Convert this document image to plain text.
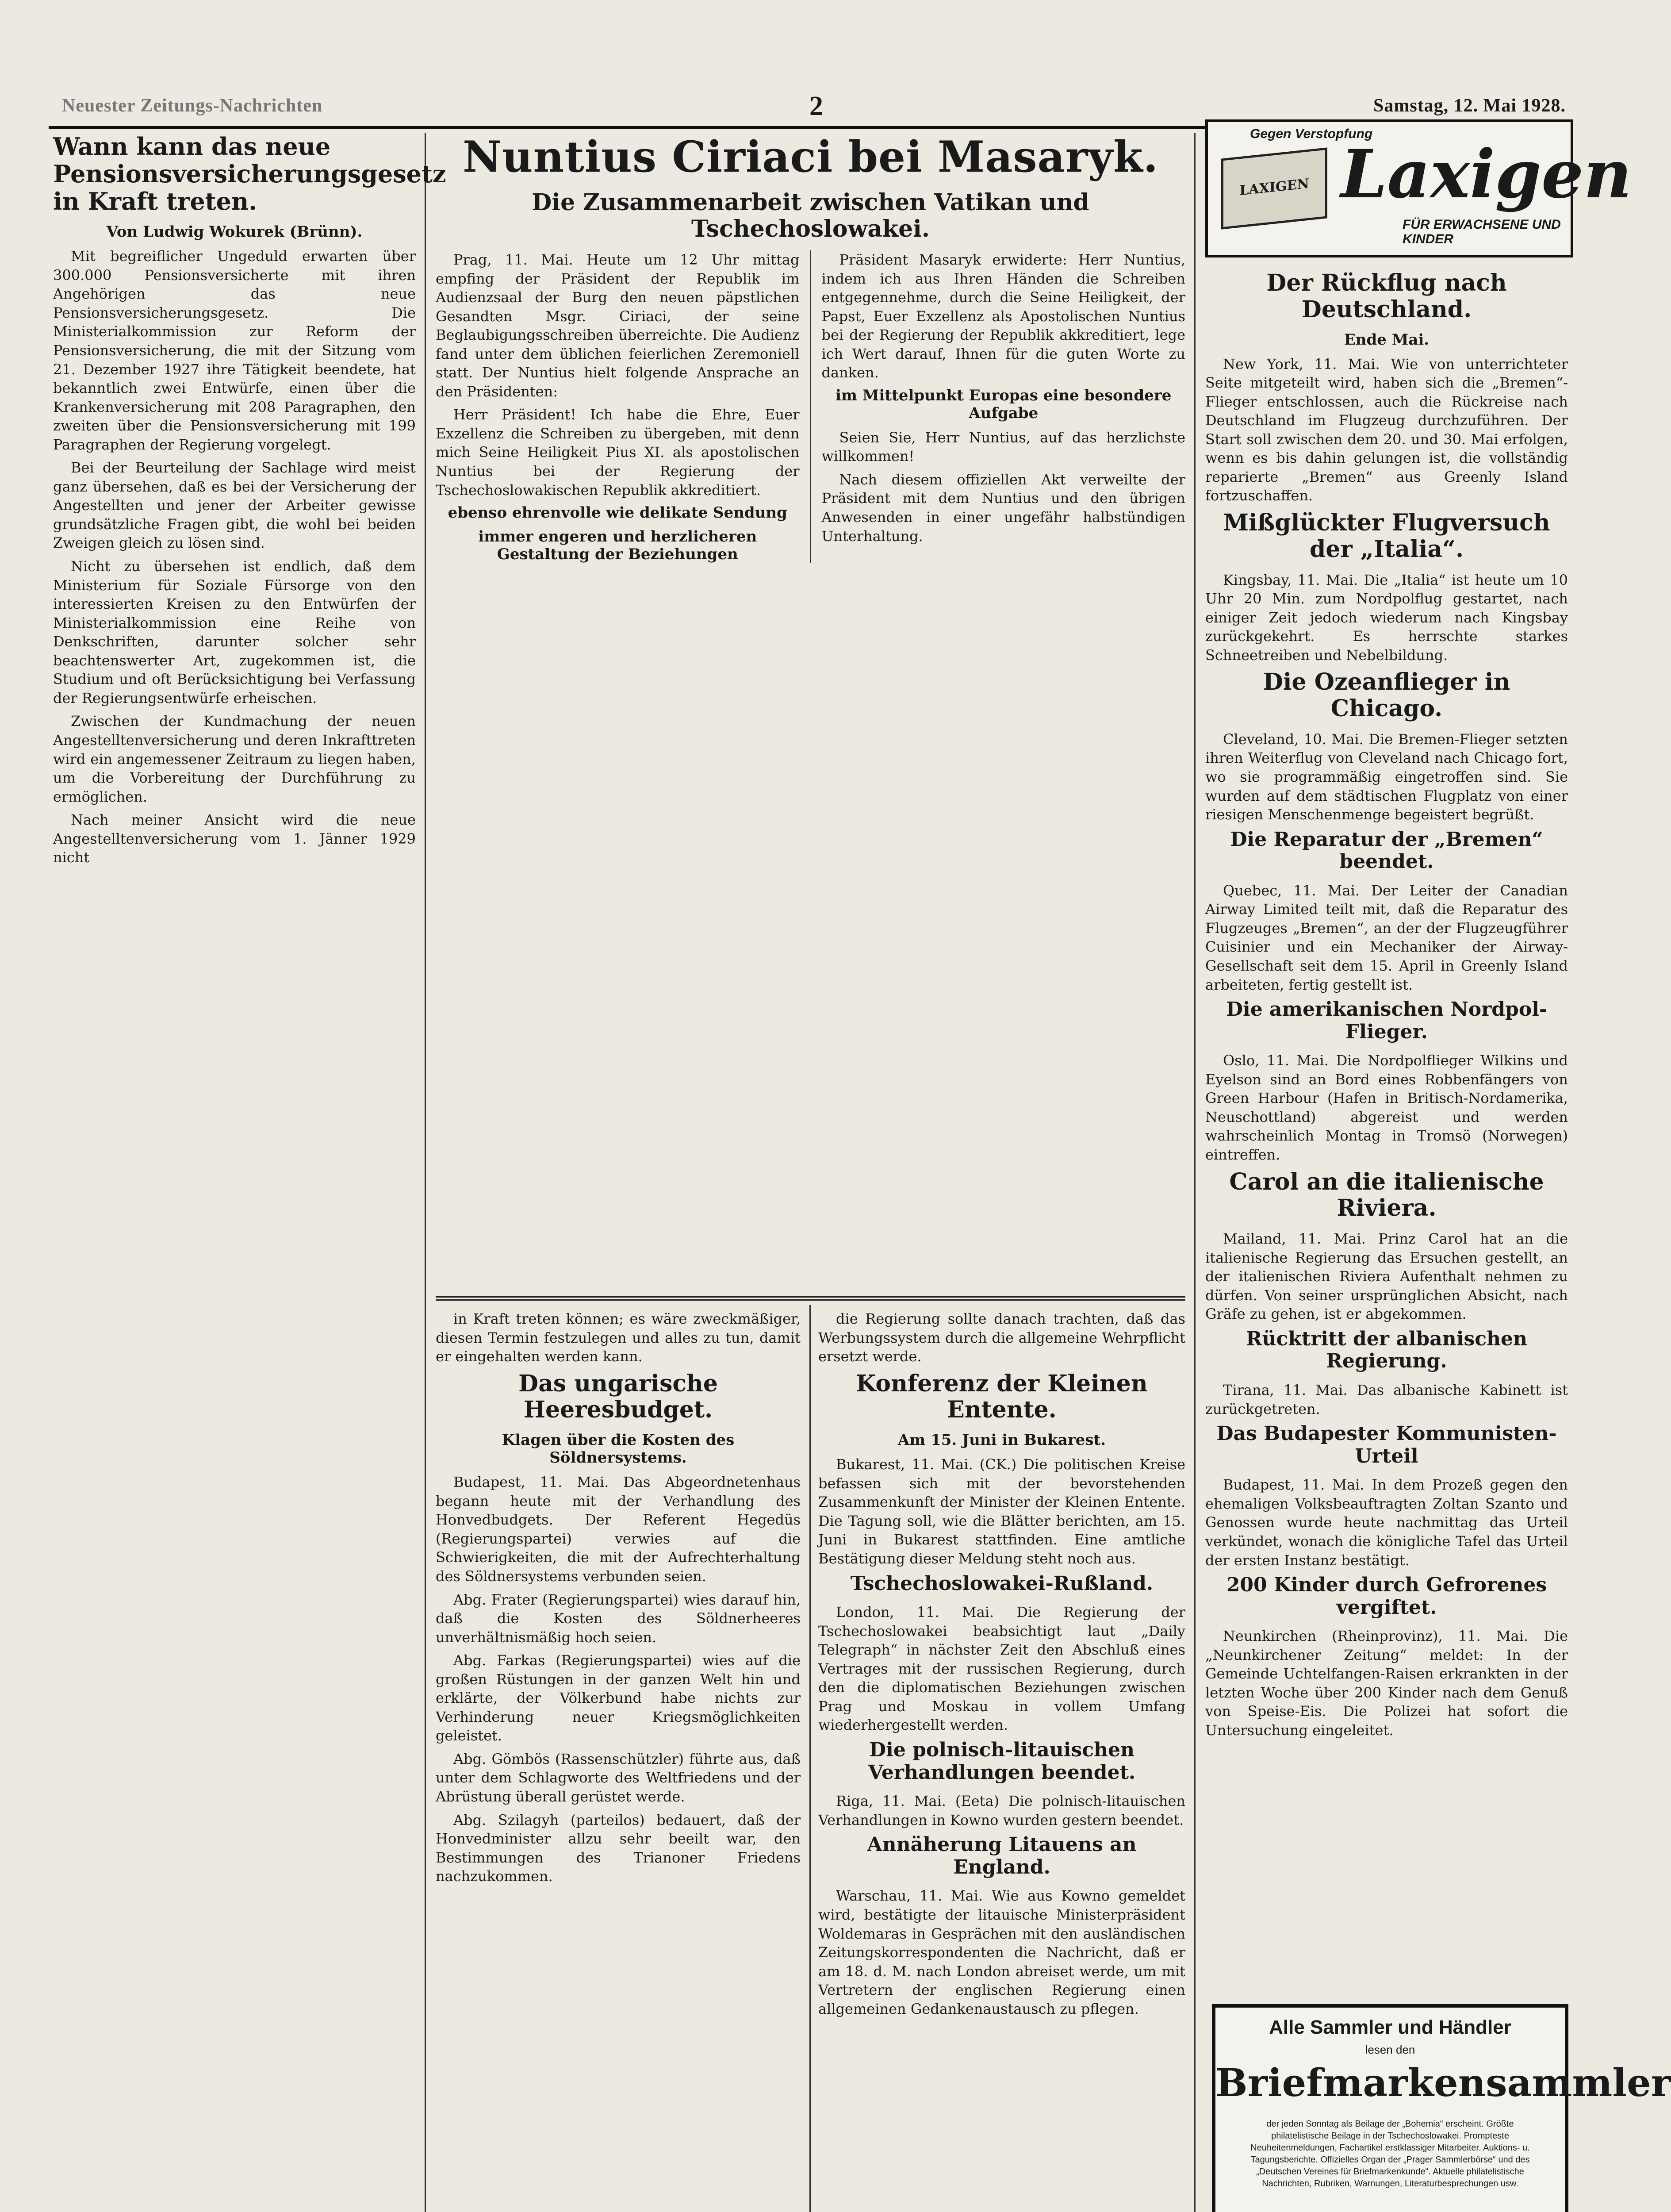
Neuester Zeitungs-Nachrichten	2	Samstag, 12. Mai 1928.
Wann kann das neue Pensionsversicherungsgesetz in Kraft treten.
Von Ludwig Wokurek (Brünn).

Mit begreiflicher Ungeduld erwarten über 300.000 Pensionsversicherte mit ihren Angehörigen das neue Pensionsversicherungsgesetz. Die Ministerialkommission zur Reform der Pensionsversicherung, die mit der Sitzung vom 21. Dezember 1927 ihre Tätigkeit beendete, hat bekanntlich zwei Entwürfe, einen über die Krankenversicherung mit 208 Paragraphen, den zweiten über die Pensionsversicherung mit 199 Paragraphen der Regierung vorgelegt.

Bei der Beurteilung der Sachlage wird meist ganz übersehen, daß es bei der Versicherung der Angestellten und jener der Arbeiter gewisse grundsätzliche Fragen gibt, die wohl bei beiden Zweigen gleich zu lösen sind.

Nicht zu übersehen ist endlich, daß dem Ministerium für Soziale Fürsorge von den interessierten Kreisen zu den Entwürfen der Ministerialkommission eine Reihe von Denkschriften, darunter solcher sehr beachtenswerter Art, zugekommen ist, die Studium und oft Berücksichtigung bei Verfassung der Regierungsentwürfe erheischen.

Zwischen der Kundmachung der neuen Angestelltenversicherung und deren Inkrafttreten wird ein angemessener Zeitraum zu liegen haben, um die Vorbereitung der Durchführung zu ermöglichen.

Nach meiner Ansicht wird die neue Angestelltenversicherung vom 1. Jänner 1929 nicht

Nuntius Ciriaci bei Masaryk.
Die Zusammenarbeit zwischen Vatikan und Tschechoslowakei.

Prag, 11. Mai. Heute um 12 Uhr mittag empfing der Präsident der Republik im Audienzsaal der Burg den neuen päpstlichen Gesandten Msgr. Ciriaci, der seine Beglaubigungsschreiben überreichte. Die Audienz fand unter dem üblichen feierlichen Zeremoniell statt. Der Nuntius hielt folgende Ansprache an den Präsidenten:

Herr Präsident! Ich habe die Ehre, Euer Exzellenz die Schreiben zu übergeben, mit denn mich Seine Heiligkeit Pius XI. als apostolischen Nuntius bei der Regierung der Tschechoslowakischen Republik akkreditiert.

ebenso ehrenvolle wie delikate Sendung
immer engeren und herzlicheren Gestaltung der Beziehungen

Präsident Masaryk erwiderte: Herr Nuntius, indem ich aus Ihren Händen die Schreiben entgegennehme, durch die Seine Heiligkeit, der Papst, Euer Exzellenz als Apostolischen Nuntius bei der Regierung der Republik akkreditiert, lege ich Wert darauf, Ihnen für die guten Worte zu danken.

im Mittelpunkt Europas eine besondere Aufgabe

Seien Sie, Herr Nuntius, auf das herzlichste willkommen!

Nach diesem offiziellen Akt verweilte der Präsident mit dem Nuntius und den übrigen Anwesenden in einer ungefähr halbstündigen Unterhaltung.

in Kraft treten können; es wäre zweckmäßiger, diesen Termin festzulegen und alles zu tun, damit er eingehalten werden kann.

Das ungarische Heeresbudget.
Klagen über die Kosten des Söldnersystems.

Budapest, 11. Mai. Das Abgeordnetenhaus begann heute mit der Verhandlung des Honvedbudgets. Der Referent Hegedüs (Regierungspartei) verwies auf die Schwierigkeiten, die mit der Aufrechterhaltung des Söldnersystems verbunden seien.

Abg. Frater (Regierungspartei) wies darauf hin, daß die Kosten des Söldnerheeres unverhältnismäßig hoch seien.

Abg. Farkas (Regierungspartei) wies auf die großen Rüstungen in der ganzen Welt hin und erklärte, der Völkerbund habe nichts zur Verhinderung neuer Kriegsmöglichkeiten geleistet.

Abg. Gömbös (Rassenschützler) führte aus, daß unter dem Schlagworte des Weltfriedens und der Abrüstung überall gerüstet werde.

Abg. Szilagyh (parteilos) bedauert, daß der Honvedminister allzu sehr beeilt war, den Bestimmungen des Trianoner Friedens nachzukommen.

die Regierung sollte danach trachten, daß das Werbungssystem durch die allgemeine Wehrpflicht ersetzt werde.

Konferenz der Kleinen Entente.
Am 15. Juni in Bukarest.

Bukarest, 11. Mai. (CK.) Die politischen Kreise befassen sich mit der bevorstehenden Zusammenkunft der Minister der Kleinen Entente. Die Tagung soll, wie die Blätter berichten, am 15. Juni in Bukarest stattfinden. Eine amtliche Bestätigung dieser Meldung steht noch aus.

Tschechoslowakei-Rußland.

London, 11. Mai. Die Regierung der Tschechoslowakei beabsichtigt laut „Daily Telegraph“ in nächster Zeit den Abschluß eines Vertrages mit der russischen Regierung, durch den die diplomatischen Beziehungen zwischen Prag und Moskau in vollem Umfang wiederhergestellt werden.

Die polnisch-litauischen Verhandlungen beendet.

Riga, 11. Mai. (Eeta) Die polnisch-litauischen Verhandlungen in Kowno wurden gestern beendet.

Annäherung Litauens an England.

Warschau, 11. Mai. Wie aus Kowno gemeldet wird, bestätigte der litauische Ministerpräsident Woldemaras in Gesprächen mit den ausländischen Zeitungskorrespondenten die Nachricht, daß er am 18. d. M. nach London abreiset werde, um mit Vertretern der englischen Regierung einen allgemeinen Gedankenaustausch zu pflegen.

Gegen Verstopfung
LAXIGEN Laxigen
FÜR ERWACHSENE UND KINDER
Der Rückflug nach Deutschland.
Ende Mai.

New York, 11. Mai. Wie von unterrichteter Seite mitgeteilt wird, haben sich die „Bremen“-Flieger entschlossen, auch die Rückreise nach Deutschland im Flugzeug durchzuführen. Der Start soll zwischen dem 20. und 30. Mai erfolgen, wenn es bis dahin gelungen ist, die vollständig reparierte „Bremen“ aus Greenly Island fortzuschaffen.

Mißglückter Flugversuch der „Italia“.

Kingsbay, 11. Mai. Die „Italia“ ist heute um 10 Uhr 20 Min. zum Nordpolflug gestartet, nach einiger Zeit jedoch wiederum nach Kingsbay zurückgekehrt. Es herrschte starkes Schneetreiben und Nebelbildung.

Die Ozeanflieger in Chicago.

Cleveland, 10. Mai. Die Bremen-Flieger setzten ihren Weiterflug von Cleveland nach Chicago fort, wo sie programmäßig eingetroffen sind. Sie wurden auf dem städtischen Flugplatz von einer riesigen Menschenmenge begeistert begrüßt.

Die Reparatur der „Bremen“ beendet.

Quebec, 11. Mai. Der Leiter der Canadian Airway Limited teilt mit, daß die Reparatur des Flugzeuges „Bremen“, an der der Flugzeugführer Cuisinier und ein Mechaniker der Airway-Gesellschaft seit dem 15. April in Greenly Island arbeiteten, fertig gestellt ist.

Die amerikanischen Nordpol-Flieger.

Oslo, 11. Mai. Die Nordpolflieger Wilkins und Eyelson sind an Bord eines Robbenfängers von Green Harbour (Hafen in Britisch-Nordamerika, Neuschottland) abgereist und werden wahrscheinlich Montag in Tromsö (Norwegen) eintreffen.

Carol an die italienische Riviera.

Mailand, 11. Mai. Prinz Carol hat an die italienische Regierung das Ersuchen gestellt, an der italienischen Riviera Aufenthalt nehmen zu dürfen. Von seiner ursprünglichen Absicht, nach Gräfe zu gehen, ist er abgekommen.

Rücktritt der albanischen Regierung.

Tirana, 11. Mai. Das albanische Kabinett ist zurückgetreten.

Das Budapester Kommunisten-Urteil

Budapest, 11. Mai. In dem Prozeß gegen den ehemaligen Volksbeauftragten Zoltan Szanto und Genossen wurde heute nachmittag das Urteil verkündet, wonach die königliche Tafel das Urteil der ersten Instanz bestätigt.

200 Kinder durch Gefrorenes vergiftet.

Neunkirchen (Rheinprovinz), 11. Mai. Die „Neunkirchener Zeitung“ meldet: In der Gemeinde Uchtelfangen-Raisen erkrankten in der letzten Woche über 200 Kinder nach dem Genuß von Speise-Eis. Die Polizei hat sofort die Untersuchung eingeleitet.

Alle Sammler und Händler
lesen den
Briefmarkensammler
der jeden Sonntag als Beilage der „Bohemia“ erscheint. Größte philatelistische Beilage in der Tschechoslowakei. Prompteste Neuheitenmeldungen, Fachartikel erstklassiger Mitarbeiter. Auktions- u. Tagungsberichte. Offizielles Organ der „Prager Sammlerbörse“ und des „Deutschen Vereines für Briefmarkenkunde“. Aktuelle philatelistische Nachrichten, Rubriken, Warnungen, Literaturbesprechungen usw.
